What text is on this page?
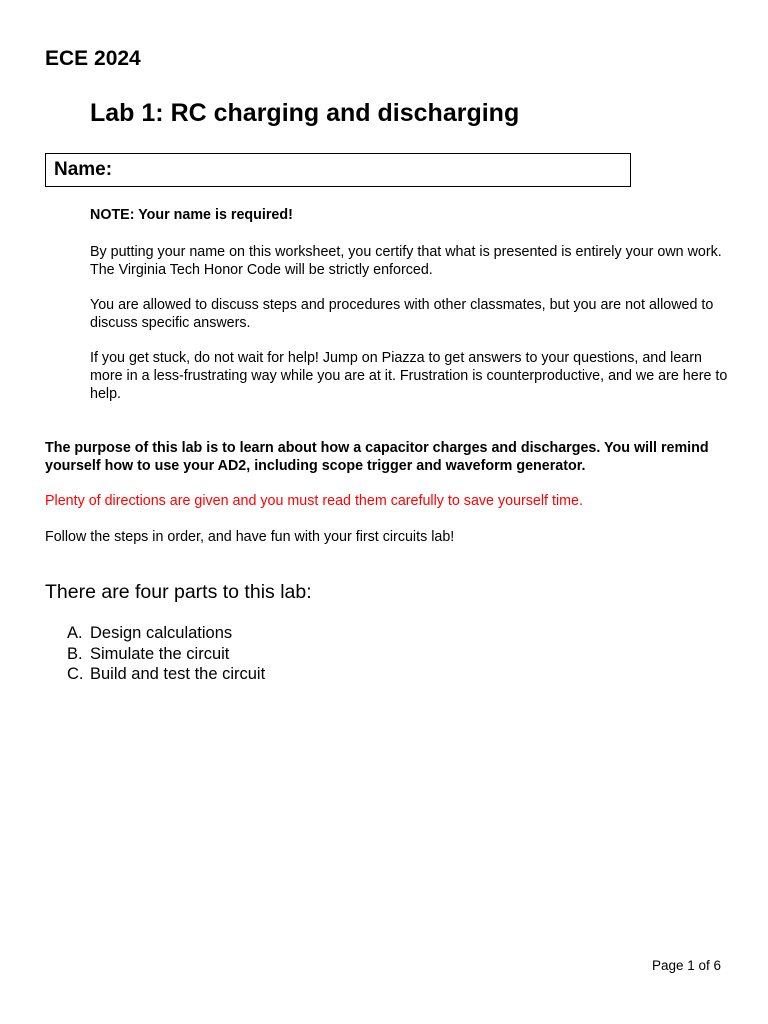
ECE 2024
Lab 1: RC charging and discharging
Name:
NOTE: Your name is required!
By putting your name on this worksheet, you certify that what is presented is entirely your own work. The Virginia Tech Honor Code will be strictly enforced.
You are allowed to discuss steps and procedures with other classmates, but you are not allowed to discuss specific answers.
If you get stuck, do not wait for help! Jump on Piazza to get answers to your questions, and learn more in a less-frustrating way while you are at it. Frustration is counterproductive, and we are here to help.
The purpose of this lab is to learn about how a capacitor charges and discharges. You will remind yourself how to use your AD2, including scope trigger and waveform generator.
Plenty of directions are given and you must read them carefully to save yourself time.
Follow the steps in order, and have fun with your first circuits lab!
There are four parts to this lab:
A. Design calculations
B. Simulate the circuit
C. Build and test the circuit
Page 1 of 6
